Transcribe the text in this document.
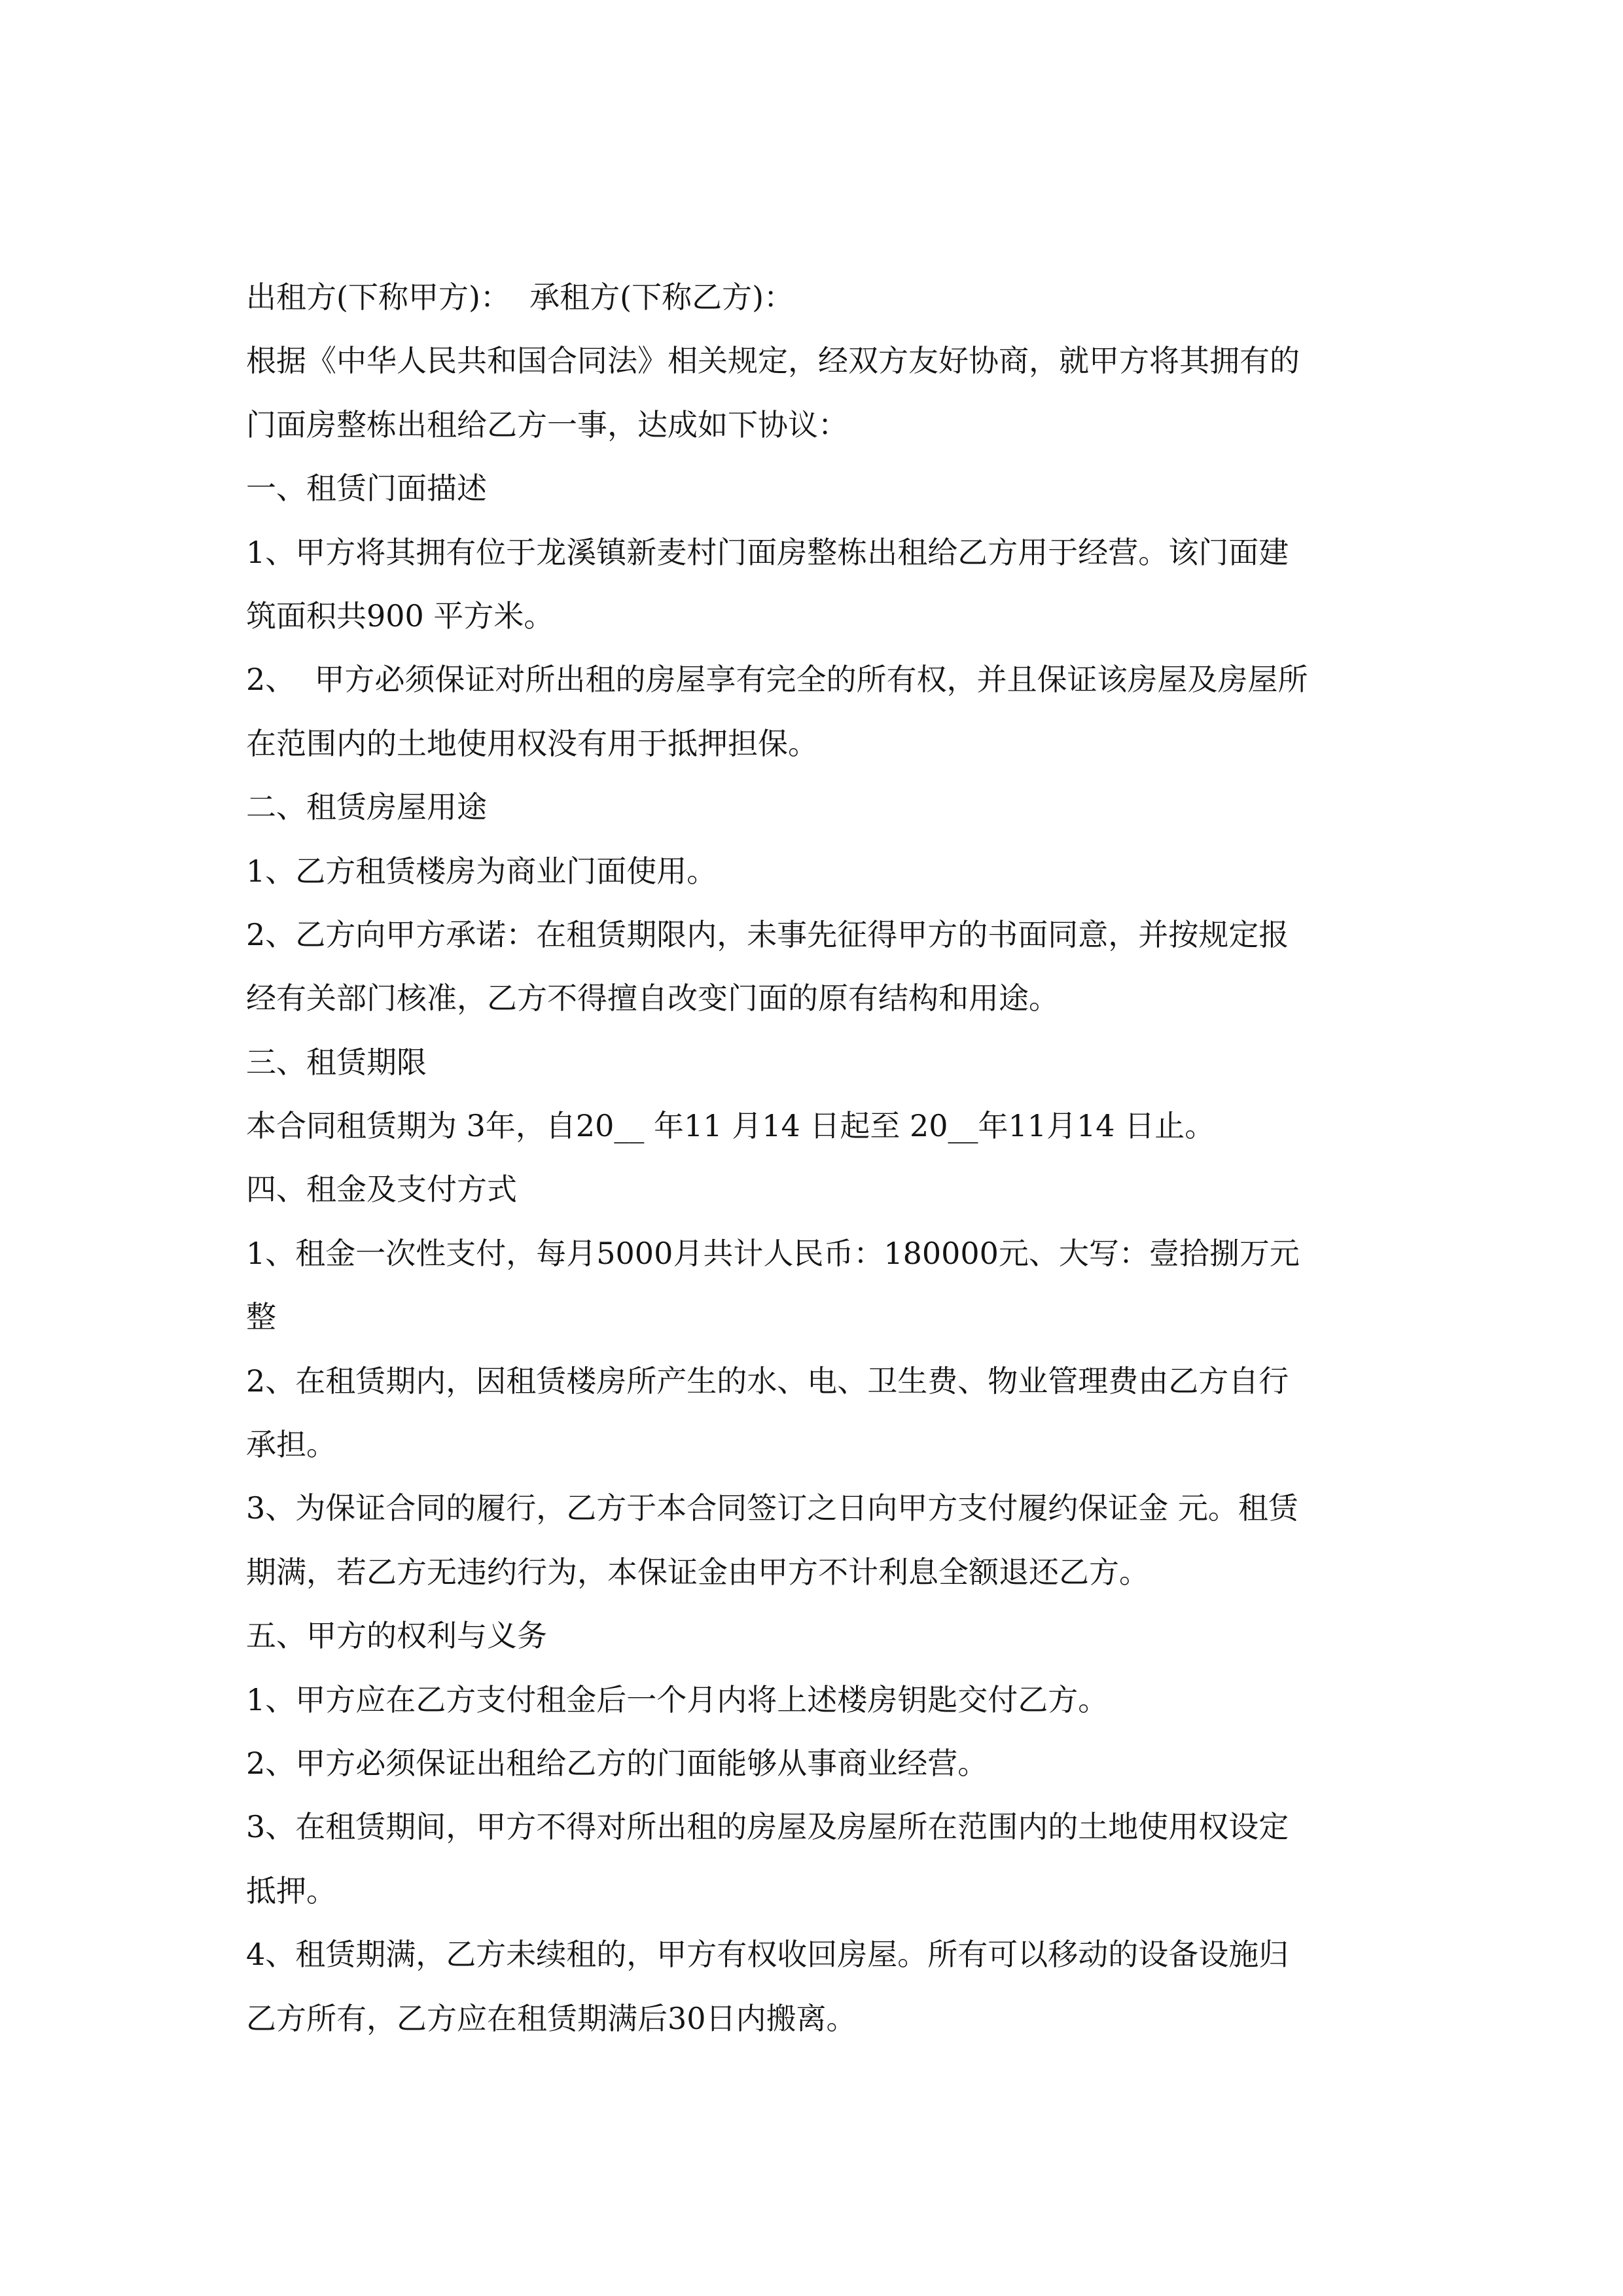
出租方(下称甲方)：  承租方(下称乙方)：
根据《中华人民共和国合同法》相关规定，经双方友好协商，就甲方将其拥有的
门面房整栋出租给乙方一事，达成如下协议：
一、租赁门面描述
1、甲方将其拥有位于龙溪镇新麦村门面房整栋出租给乙方用于经营。该门面建
筑面积共900 平方米。
2、  甲方必须保证对所出租的房屋享有完全的所有权，并且保证该房屋及房屋所
在范围内的土地使用权没有用于抵押担保。
二、租赁房屋用途
1、乙方租赁楼房为商业门面使用。
2、乙方向甲方承诺：在租赁期限内，未事先征得甲方的书面同意，并按规定报
经有关部门核准，乙方不得擅自改变门面的原有结构和用途。
三、租赁期限
本合同租赁期为 3年，自20__ 年11 月14 日起至 20__年11月14 日止。
四、租金及支付方式
1、租金一次性支付，每月5000月共计人民币：180000元、大写：壹拾捌万元
整
2、在租赁期内，因租赁楼房所产生的水、电、卫生费、物业管理费由乙方自行
承担。
3、为保证合同的履行，乙方于本合同签订之日向甲方支付履约保证金 元。租赁
期满，若乙方无违约行为，本保证金由甲方不计利息全额退还乙方。
五、甲方的权利与义务
1、甲方应在乙方支付租金后一个月内将上述楼房钥匙交付乙方。
2、甲方必须保证出租给乙方的门面能够从事商业经营。
3、在租赁期间，甲方不得对所出租的房屋及房屋所在范围内的土地使用权设定
抵押。
4、租赁期满，乙方未续租的，甲方有权收回房屋。所有可以移动的设备设施归
乙方所有，乙方应在租赁期满后30日内搬离。
